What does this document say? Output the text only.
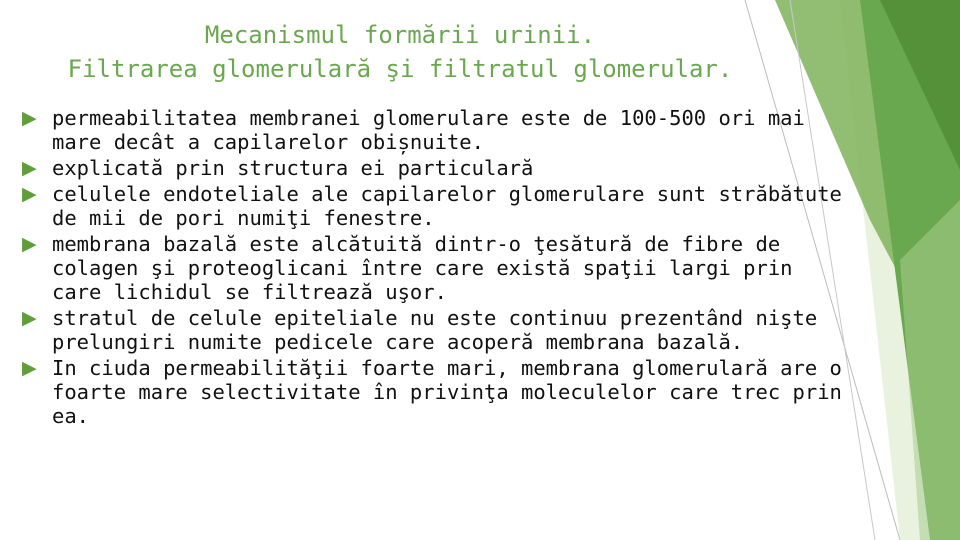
Mecanismul formării urinii.
Filtrarea glomerulară şi filtratul glomerular.
▶ permeabilitatea membranei glomerulare este de 100-500 ori mai mare decât a capilarelor obișnuite.
▶ explicată prin structura ei particulară
▶ celulele endoteliale ale capilarelor glomerulare sunt străbătute de mii de pori numiţi fenestre.
▶ membrana bazală este alcătuită dintr-o ţesătură de fibre de colagen şi proteoglicani între care există spaţii largi prin care lichidul se filtrează uşor.
▶ stratul de celule epiteliale nu este continuu prezentând nişte prelungiri numite pedicele care acoperă membrana bazală.
▶ In ciuda permeabilităţii foarte mari, membrana glomerulară are o foarte mare selectivitate în privinţa moleculelor care trec prin ea.
